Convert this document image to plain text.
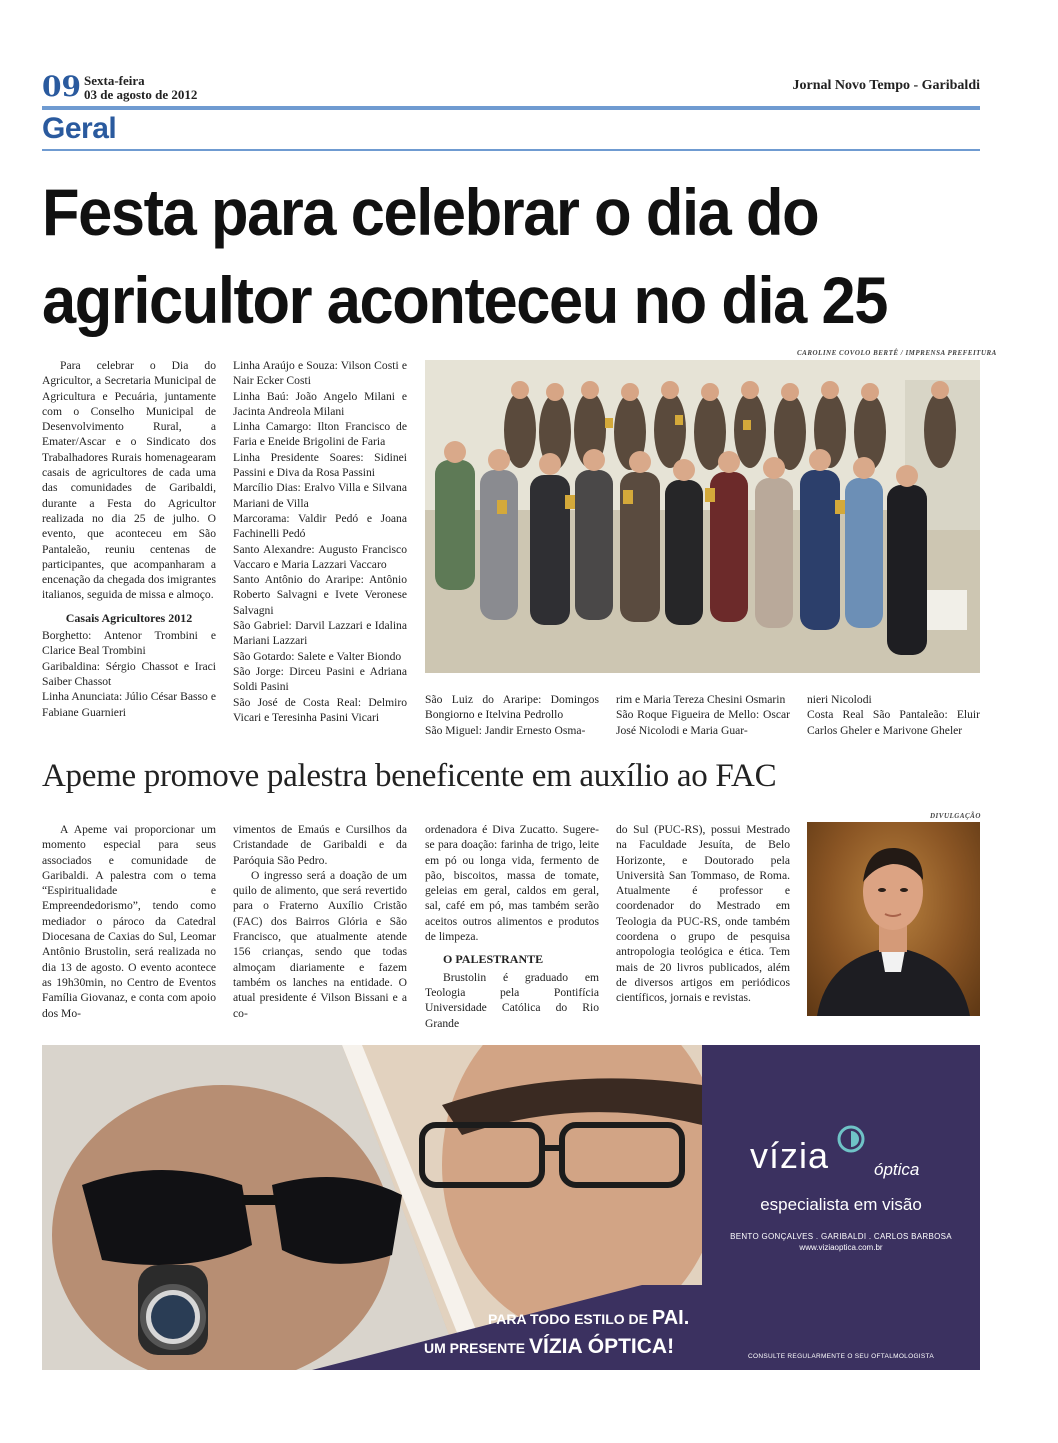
09 Sexta-feira
03 de agosto de 2012
Jornal Novo Tempo - Garibaldi
Geral
Festa para celebrar o dia do
agricultor aconteceu no dia 25

Para celebrar o Dia do Agricultor, a Secretaria Municipal de Agricultura e Pecuária, juntamente com o Conselho Municipal de Desenvolvimento Rural, a Emater/Ascar e o Sindicato dos Trabalhadores Rurais homenagearam casais de agricultores de cada uma das comunidades de Garibaldi, durante a Festa do Agricultor realizada no dia 25 de julho. O evento, que aconteceu em São Pantaleão, reuniu centenas de participantes, que acompanharam a encenação da chegada dos imigrantes italianos, seguida de missa e almoço.

Casais Agricultores 2012
Borghetto: Antenor Trombini e Clarice Beal Trombini
Garibaldina: Sérgio Chassot e Iraci Saiber Chassot
Linha Anunciata: Júlio César Basso e Fabiane Guarnieri
Linha Araújo e Souza: Vilson Costi e Nair Ecker Costi
Linha Baú: João Angelo Milani e Jacinta Andreola Milani
Linha Camargo: Ilton Francisco de Faria e Eneide Brigolini de Faria
Linha Presidente Soares: Sidinei Passini e Diva da Rosa Passini
Marcílio Dias: Eralvo Villa e Silvana Mariani de Villa
Marcorama: Valdir Pedó e Joana Fachinelli Pedó
Santo Alexandre: Augusto Francisco Vaccaro e Maria Lazzari Vaccaro
Santo Antônio do Araripe: Antônio Roberto Salvagni e Ivete Veronese Salvagni
São Gabriel: Darvil Lazzari e Idalina Mariani Lazzari
São Gotardo: Salete e Valter Biondo
São Jorge: Dirceu Pasini e Adriana Soldi Pasini
São José de Costa Real: Delmiro Vicari e Teresinha Pasini Vicari
CAROLINE COVOLO BERTÊ / IMPRENSA PREFEITURA
São Luiz do Araripe: Domingos Bongiorno e Itelvina Pedrollo
São Miguel: Jandir Ernesto Osma-
rim e Maria Tereza Chesini Osmarin
São Roque Figueira de Mello: Oscar José Nicolodi e Maria Guar-
nieri Nicolodi
Costa Real São Pantaleão: Eluir Carlos Gheler e Marivone Gheler
Apeme promove palestra beneficente em auxílio ao FAC

A Apeme vai proporcionar um momento especial para seus associados e comunidade de Garibaldi. A palestra com o tema “Espiritualidade e Empreendedorismo”, tendo como mediador o pároco da Catedral Diocesana de Caxias do Sul, Leomar Antônio Brustolin, será realizada no dia 13 de agosto. O evento acontece as 19h30min, no Centro de Eventos Família Giovanaz, e conta com apoio dos Mo-

vimentos de Emaús e Cursilhos da Cristandade de Garibaldi e da Paróquia São Pedro.

O ingresso será a doação de um quilo de alimento, que será revertido para o Fraterno Auxílio Cristão (FAC) dos Bairros Glória e São Francisco, que atualmente atende 156 crianças, sendo que todas almoçam diariamente e fazem também os lanches na entidade. O atual presidente é Vilson Bissani e a co-

ordenadora é Diva Zucatto. Sugere-se para doação: farinha de trigo, leite em pó ou longa vida, fermento de pão, biscoitos, massa de tomate, geleias em geral, caldos em geral, sal, café em pó, mas também serão aceitos outros alimentos e produtos de limpeza.
O PALESTRANTE

Brustolin é graduado em Teologia pela Pontifícia Universidade Católica do Rio Grande

do Sul (PUC-RS), possui Mestrado na Faculdade Jesuíta, de Belo Horizonte, e Doutorado pela Università San Tommaso, de Roma. Atualmente é professor e coordenador do Mestrado em Teologia da PUC-RS, onde também coordena o grupo de pesquisa antropologia teológica e ética. Tem mais de 20 livros publicados, além de diversos artigos em periódicos científicos, jornais e revistas.
DIVULGAÇÃO
vízia	óptica
especialista em visão
BENTO GONÇALVES . GARIBALDI . CARLOS BARBOSA
www.viziaoptica.com.br
PARA TODO ESTILO DE PAI.
UM PRESENTE VÍZIA ÓPTICA!	CONSULTE REGULARMENTE O SEU OFTALMOLOGISTA
